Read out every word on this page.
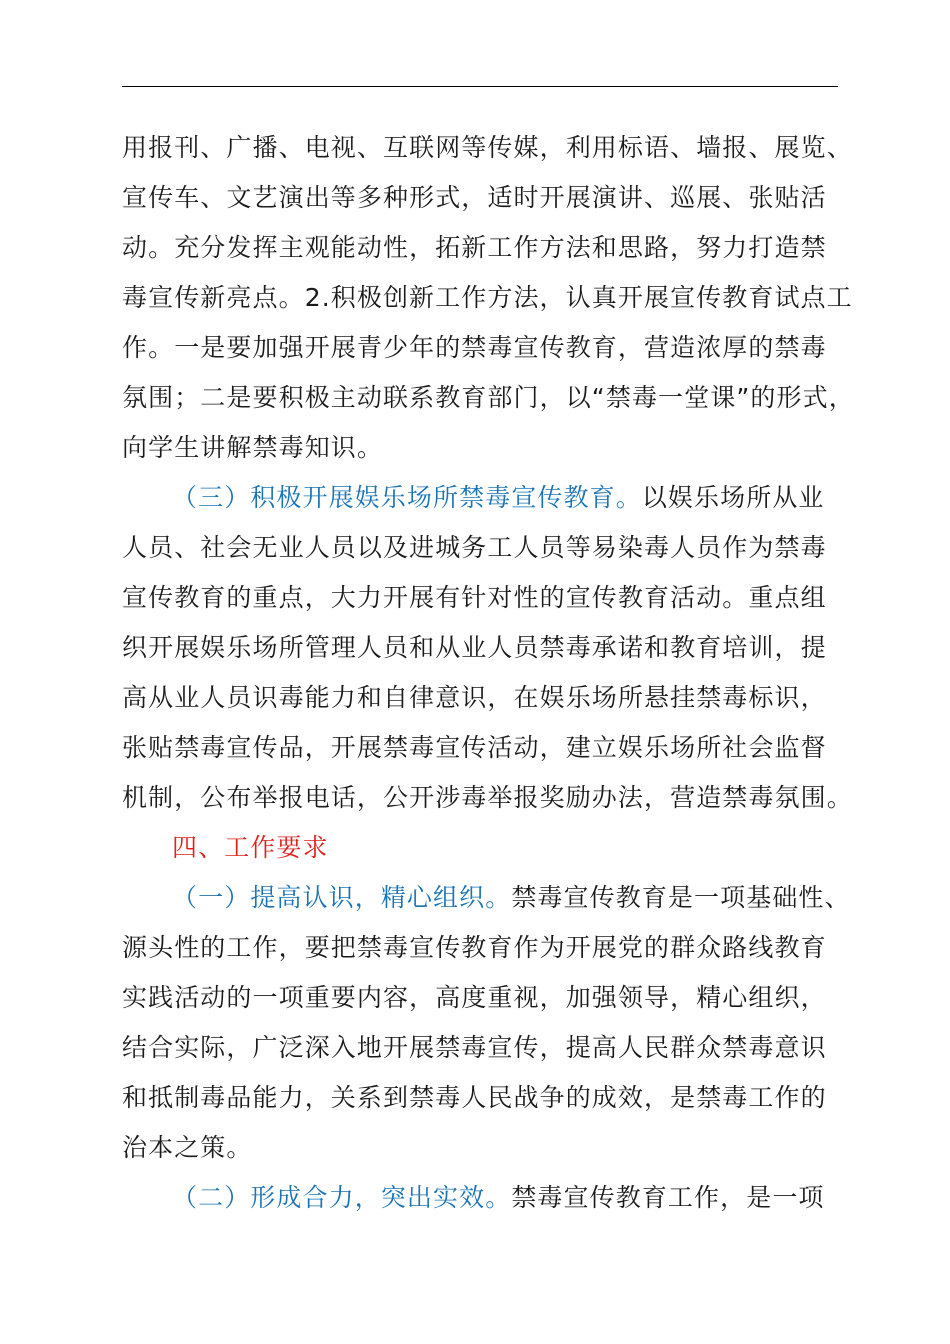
用报刊、广播、电视、互联网等传媒，利用标语、墙报、展览、
宣传车、文艺演出等多种形式，适时开展演讲、巡展、张贴活
动。充分发挥主观能动性，拓新工作方法和思路，努力打造禁
毒宣传新亮点。2.积极创新工作方法，认真开展宣传教育试点工
作。一是要加强开展青少年的禁毒宣传教育，营造浓厚的禁毒
氛围；二是要积极主动联系教育部门，以“禁毒一堂课”的形式，
向学生讲解禁毒知识。

（三）积极开展娱乐场所禁毒宣传教育。以娱乐场所从业
人员、社会无业人员以及进城务工人员等易染毒人员作为禁毒
宣传教育的重点，大力开展有针对性的宣传教育活动。重点组
织开展娱乐场所管理人员和从业人员禁毒承诺和教育培训，提
高从业人员识毒能力和自律意识，在娱乐场所悬挂禁毒标识，
张贴禁毒宣传品，开展禁毒宣传活动，建立娱乐场所社会监督
机制，公布举报电话，公开涉毒举报奖励办法，营造禁毒氛围。

四、工作要求

（一）提高认识，精心组织。禁毒宣传教育是一项基础性、
源头性的工作，要把禁毒宣传教育作为开展党的群众路线教育
实践活动的一项重要内容，高度重视，加强领导，精心组织，
结合实际，广泛深入地开展禁毒宣传，提高人民群众禁毒意识
和抵制毒品能力，关系到禁毒人民战争的成效，是禁毒工作的
治本之策。

（二）形成合力，突出实效。禁毒宣传教育工作，是一项
